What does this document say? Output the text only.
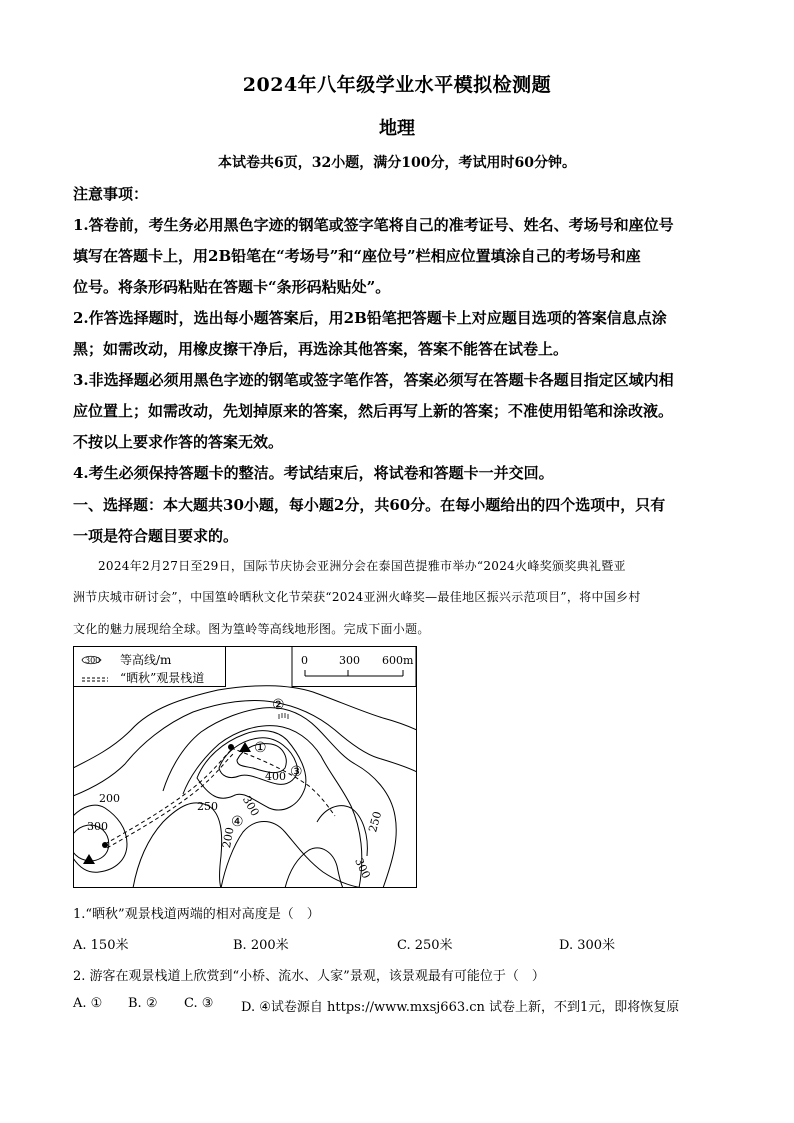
2024年八年级学业水平模拟检测题
地理
本试卷共6页，32小题，满分100分，考试用时60分钟。
注意事项：
1.答卷前，考生务必用黑色字迹的钢笔或签字笔将自己的准考证号、姓名、考场号和座位号
填写在答题卡上，用2B铅笔在“考场号”和“座位号”栏相应位置填涂自己的考场号和座
位号。将条形码粘贴在答题卡“条形码粘贴处”。
2.作答选择题时，选出每小题答案后，用2B铅笔把答题卡上对应题目选项的答案信息点涂
黑；如需改动，用橡皮擦干净后，再选涂其他答案，答案不能答在试卷上。
3.非选择题必须用黑色字迹的钢笔或签字笔作答，答案必须写在答题卡各题目指定区域内相
应位置上；如需改动，先划掉原来的答案，然后再写上新的答案；不准使用铅笔和涂改液。
不按以上要求作答的答案无效。
4.考生必须保持答题卡的整洁。考试结束后，将试卷和答题卡一并交回。
一、选择题：本大题共30小题，每小题2分，共60分。在每小题给出的四个选项中，只有
一项是符合题目要求的。
2024年2月27日至29日，国际节庆协会亚洲分会在泰国芭提雅市举办“2024火峰奖颁奖典礼暨亚
洲节庆城市研讨会”，中国篁岭晒秋文化节荣获“2024亚洲火峰奖—最佳地区振兴示范项目”，将中国乡村
文化的魅力展现给全球。图为篁岭等高线地形图。完成下面小题。
300 等高线/m
“晒秋”观景栈道
0	300 600m
200
300
250
400
300
200
250
300
②
①
③
④
1.“晒秋”观景栈道两端的相对高度是（　）
A. 150米	B. 200米	C. 250米	D. 300米
2. 游客在观景栈道上欣赏到“小桥、流水、人家”景观，该景观最有可能位于（　）
A. ① B. ② C. ③ D. ④试卷源自 https://www.mxsj663.cn 试卷上新，不到1元，即将恢复原
